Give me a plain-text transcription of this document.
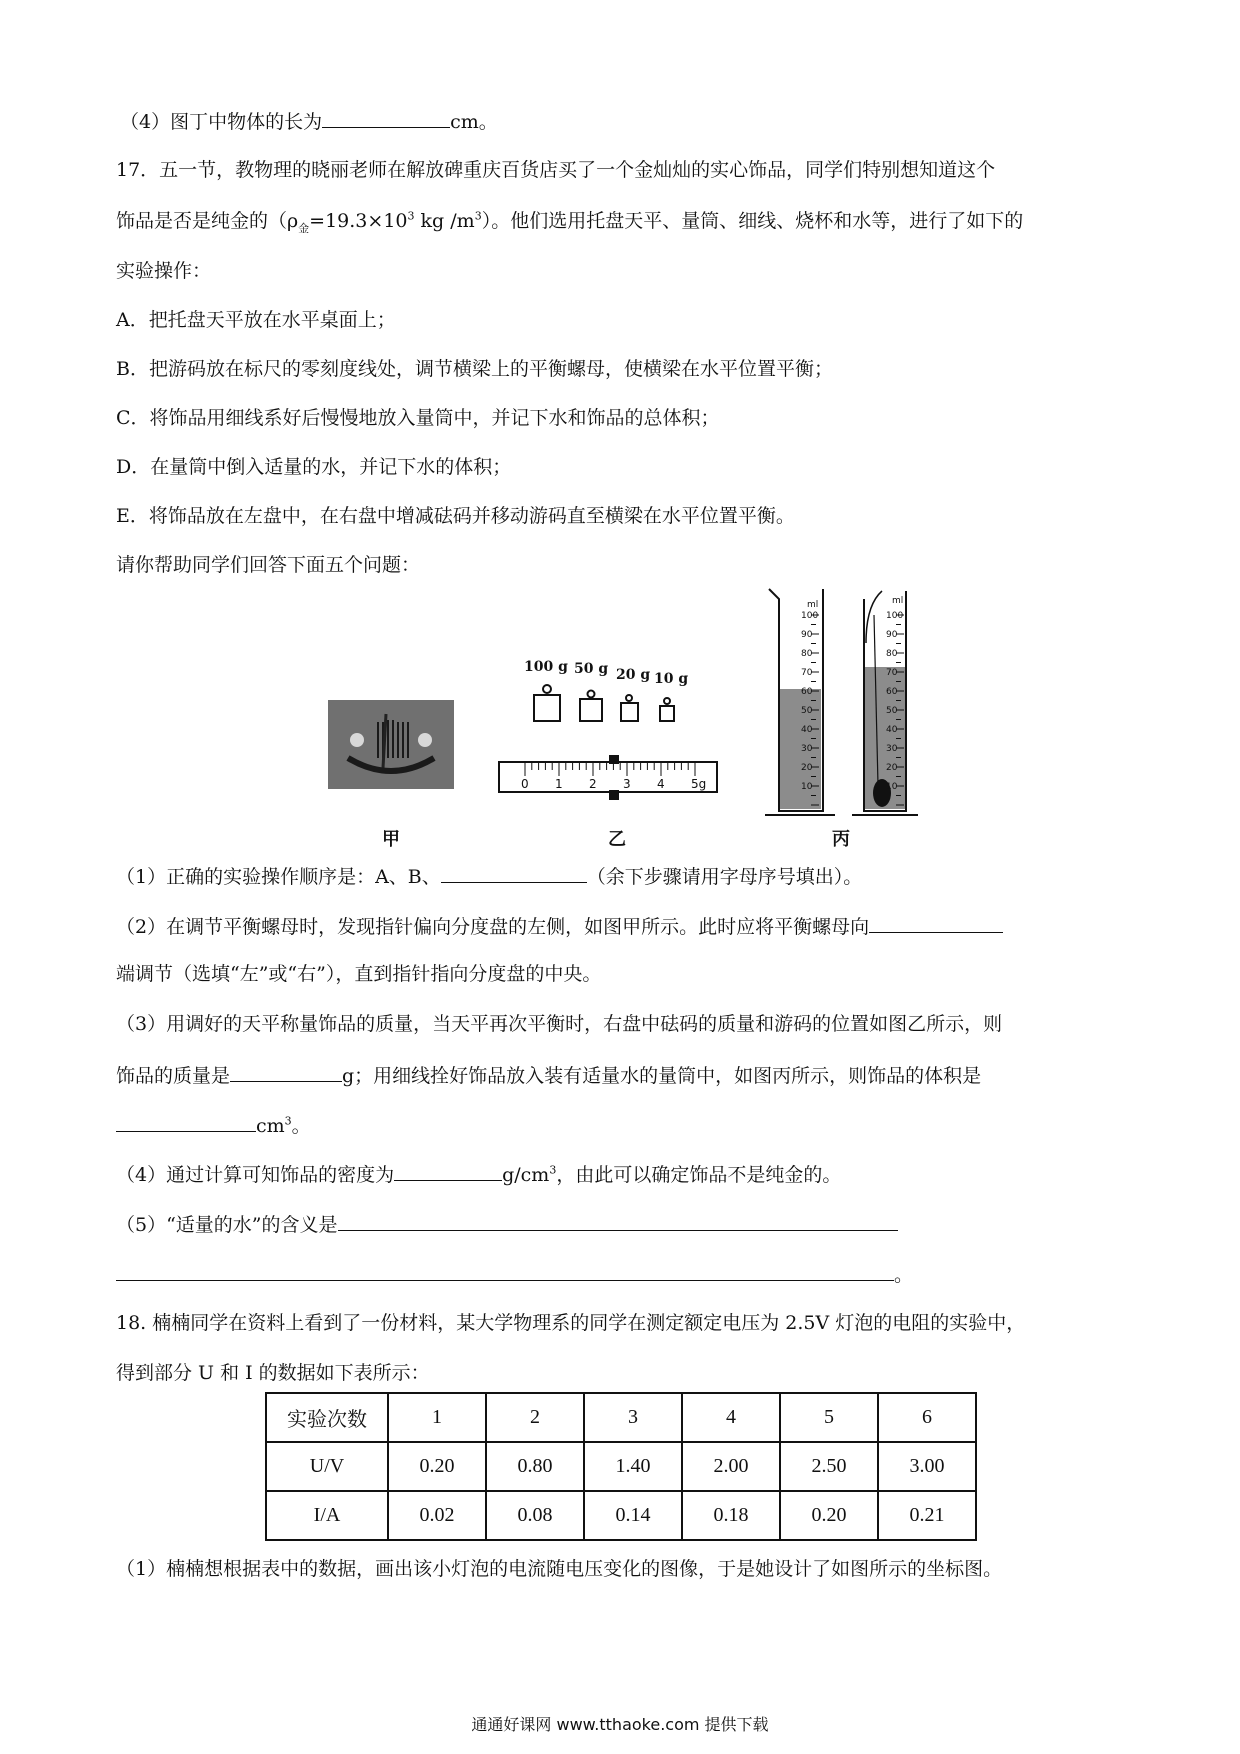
（4）图丁中物体的长为	cm。
17．五一节，教物理的晓丽老师在解放碑重庆百货店买了一个金灿灿的实心饰品，同学们特别想知道这个
饰品是否是纯金的（$\rho_金=19.3\times 10^3$ kg $/m^3$）。他们选用托盘天平、量筒、细线、烧杯和水等，进行了如下的
实验操作：
A．把托盘天平放在水平桌面上；
B．把游码放在标尺的零刻度线处，调节横梁上的平衡螺母，使横梁在水平位置平衡；
C．将饰品用细线系好后慢慢地放入量筒中，并记下水和饰品的总体积；
D．在量筒中倒入适量的水，并记下水的体积；
E．将饰品放在左盘中，在右盘中增减砝码并移动游码直至横梁在水平位置平衡。
请你帮助同学们回答下面五个问题：
100 g 50 g 20 g 10 g
0 1 2 3 4 5g
ml
100
90
80
70
60
50
40
30
20
10
ml
100
90
80
70
60
50
40
30
20
10
甲	乙	丙
（1）正确的实验操作顺序是：A、B、	（余下步骤请用字母序号填出）。
（2）在调节平衡螺母时，发现指针偏向分度盘的左侧，如图甲所示。此时应将平衡螺母向
端调节（选填“左”或“右”），直到指针指向分度盘的中央。
（3）用调好的天平称量饰品的质量，当天平再次平衡时，右盘中砝码的质量和游码的位置如图乙所示，则
饰品的质量是	g；用细线拴好饰品放入装有适量水的量筒中，如图丙所示，则饰品的体积是
$cm^3$。
（4）通过计算可知饰品的密度为	$g/cm^3$，由此可以确定饰品不是纯金的。
（5）“适量的水”的含义是
。
18. 楠楠同学在资料上看到了一份材料，某大学物理系的同学在测定额定电压为 2.5V 灯泡的电阻的实验中，
得到部分 U 和 I 的数据如下表所示：
实验次数	1	2	3	4	5	6
U/V	0.20	0.80	1.40	2.00	2.50	3.00
I/A	0.02	0.08	0.14	0.18	0.20	0.21
（1）楠楠想根据表中的数据，画出该小灯泡的电流随电压变化的图像，于是她设计了如图所示的坐标图。
通通好课网 www.tthaoke.com 提供下载
